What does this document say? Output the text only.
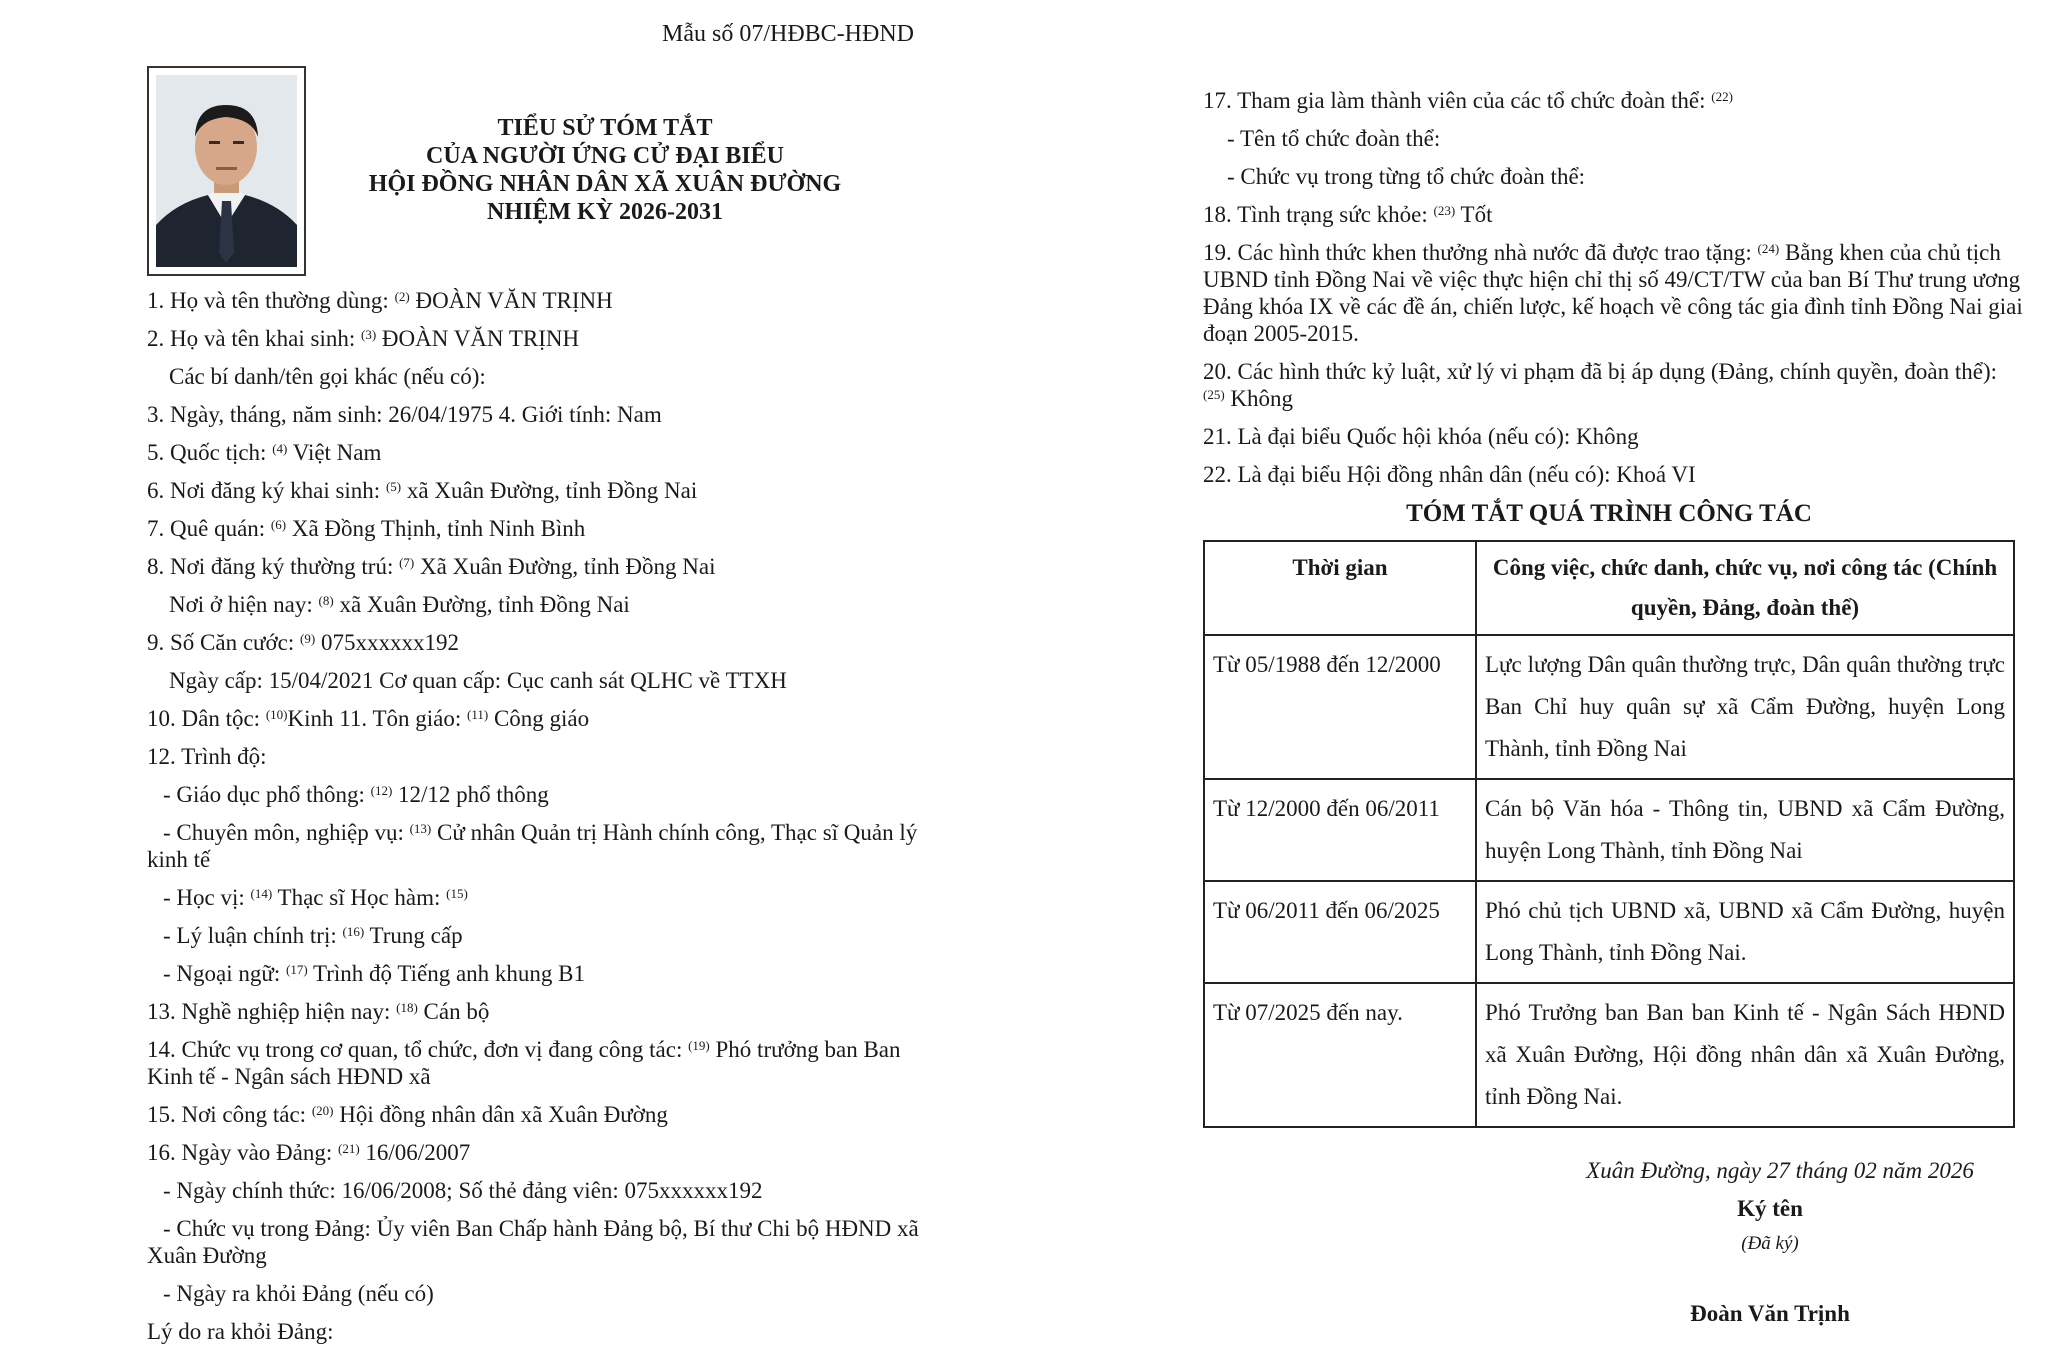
Mẫu số 07/HĐBC-HĐND
TIỂU SỬ TÓM TẮT
CỦA NGƯỜI ỨNG CỬ ĐẠI BIỂU
HỘI ĐỒNG NHÂN DÂN XÃ XUÂN ĐƯỜNG
NHIỆM KỲ 2026-2031
1. Họ và tên thường dùng: $^{(2)}$ ĐOÀN VĂN TRỊNH
2. Họ và tên khai sinh: $^{(3)}$ ĐOÀN VĂN TRỊNH
Các bí danh/tên gọi khác (nếu có):
3. Ngày, tháng, năm sinh: 26/04/1975 4. Giới tính: Nam
5. Quốc tịch: $^{(4)}$ Việt Nam
6. Nơi đăng ký khai sinh: $^{(5)}$ xã Xuân Đường, tỉnh Đồng Nai
7. Quê quán: $^{(6)}$ Xã Đồng Thịnh, tỉnh Ninh Bình
8. Nơi đăng ký thường trú: $^{(7)}$ Xã Xuân Đường, tỉnh Đồng Nai
Nơi ở hiện nay: $^{(8)}$ xã Xuân Đường, tỉnh Đồng Nai
9. Số Căn cước: $^{(9)}$ 075xxxxxx192
Ngày cấp: 15/04/2021 Cơ quan cấp: Cục canh sát QLHC về TTXH
10. Dân tộc: $^{(10)}$Kinh 11. Tôn giáo: $^{(11)}$ Công giáo
12. Trình độ:
- Giáo dục phổ thông: $^{(12)}$ 12/12 phổ thông
- Chuyên môn, nghiệp vụ: $^{(13)}$ Cử nhân Quản trị Hành chính công, Thạc sĩ Quản lý
kinh tế
- Học vị: $^{(14)}$ Thạc sĩ Học hàm: $^{(15)}$
- Lý luận chính trị: $^{(16)}$ Trung cấp
- Ngoại ngữ: $^{(17)}$ Trình độ Tiếng anh khung B1
13. Nghề nghiệp hiện nay: $^{(18)}$ Cán bộ
14. Chức vụ trong cơ quan, tổ chức, đơn vị đang công tác: $^{(19)}$ Phó trưởng ban Ban
Kinh tế - Ngân sách HĐND xã
15. Nơi công tác: $^{(20)}$ Hội đồng nhân dân xã Xuân Đường
16. Ngày vào Đảng: $^{(21)}$ 16/06/2007
- Ngày chính thức: 16/06/2008; Số thẻ đảng viên: 075xxxxxx192
- Chức vụ trong Đảng: Ủy viên Ban Chấp hành Đảng bộ, Bí thư Chi bộ HĐND xã
Xuân Đường
- Ngày ra khỏi Đảng (nếu có)
Lý do ra khỏi Đảng:
17. Tham gia làm thành viên của các tổ chức đoàn thể: $^{(22)}$
- Tên tổ chức đoàn thể:
- Chức vụ trong từng tổ chức đoàn thể:
18. Tình trạng sức khỏe: $^{(23)}$ Tốt
19. Các hình thức khen thưởng nhà nước đã được trao tặng: $^{(24)}$ Bằng khen của chủ tịch UBND tỉnh Đồng Nai về việc thực hiện chỉ thị số 49/CT/TW của ban Bí Thư trung ương Đảng khóa IX về các đề án, chiến lược, kế hoạch về công tác gia đình tỉnh Đồng Nai giai đoạn 2005-2015.
20. Các hình thức kỷ luật, xử lý vi phạm đã bị áp dụng (Đảng, chính quyền, đoàn thể): $^{(25)}$ Không
21. Là đại biểu Quốc hội khóa (nếu có): Không
22. Là đại biểu Hội đồng nhân dân (nếu có): Khoá VI
TÓM TẮT QUÁ TRÌNH CÔNG TÁC
Thời gian	Công việc, chức danh, chức vụ, nơi công tác (Chính quyền, Đảng, đoàn thể)
Từ 05/1988 đến 12/2000	Lực lượng Dân quân thường trực, Dân quân thường trực Ban Chỉ huy quân sự xã Cẩm Đường, huyện Long Thành, tỉnh Đồng Nai
Từ 12/2000 đến 06/2011	Cán bộ Văn hóa - Thông tin, UBND xã Cẩm Đường, huyện Long Thành, tỉnh Đồng Nai
Từ 06/2011 đến 06/2025	Phó chủ tịch UBND xã, UBND xã Cẩm Đường, huyện Long Thành, tỉnh Đồng Nai.
Từ 07/2025 đến nay.	Phó Trưởng ban Ban ban Kinh tế - Ngân Sách HĐND xã Xuân Đường, Hội đồng nhân dân xã Xuân Đường, tỉnh Đồng Nai.
Xuân Đường, ngày 27 tháng 02 năm 2026
Ký tên
(Đã ký)
Đoàn Văn Trịnh
